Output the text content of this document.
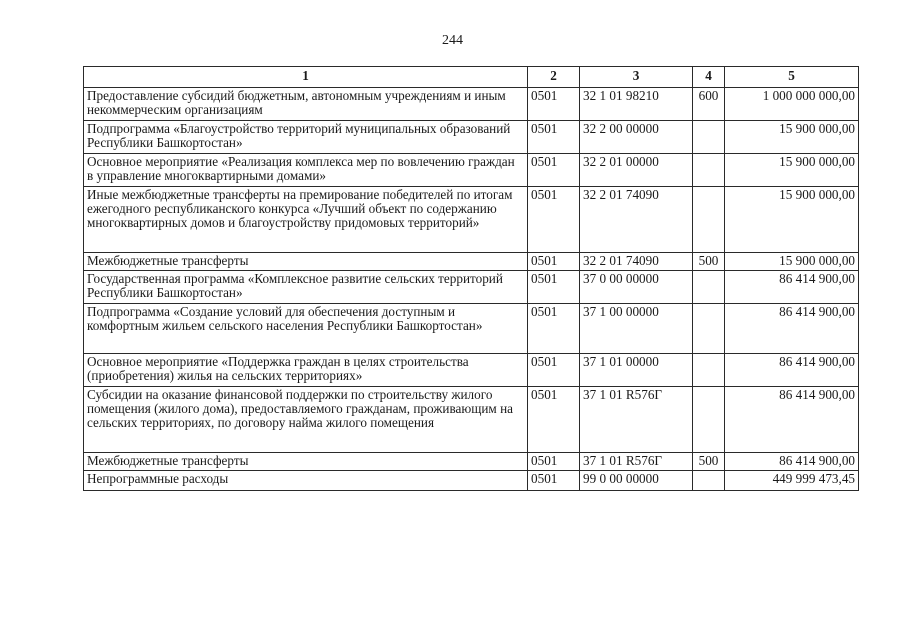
244
1	2	3	4	5
Предоставление субсидий бюджетным, автономным учреждениям и иным некоммерческим организациям	0501	32 1 01 98210	600	1 000 000 000,00
Подпрограмма «Благоустройство территорий муниципальных образований Республики Башкортостан»	0501	32 2 00 00000		15 900 000,00
Основное мероприятие «Реализация комплекса мер по вовлечению граждан в управление многоквартирными домами»	0501	32 2 01 00000		15 900 000,00
Иные межбюджетные трансферты на премирование победителей по итогам ежегодного республиканского конкурса «Лучший объект по содержанию многоквартирных домов и благоустройству придомовых территорий»	0501	32 2 01 74090		15 900 000,00
Межбюджетные трансферты	0501	32 2 01 74090	500	15 900 000,00
Государственная программа «Комплексное развитие сельских территорий Республики Башкортостан»	0501	37 0 00 00000		86 414 900,00
Подпрограмма «Создание условий для обеспечения доступным и комфортным жильем сельского населения Республики Башкортостан»	0501	37 1 00 00000		86 414 900,00
Основное мероприятие «Поддержка граждан в целях строительства (приобретения) жилья на сельских территориях»	0501	37 1 01 00000		86 414 900,00
Субсидии на оказание финансовой поддержки по строительству жилого помещения (жилого дома), предоставляемого гражданам, проживающим на сельских территориях, по договору найма жилого помещения	0501	37 1 01 R576Г		86 414 900,00
Межбюджетные трансферты	0501	37 1 01 R576Г	500	86 414 900,00
Непрограммные расходы	0501	99 0 00 00000		449 999 473,45
